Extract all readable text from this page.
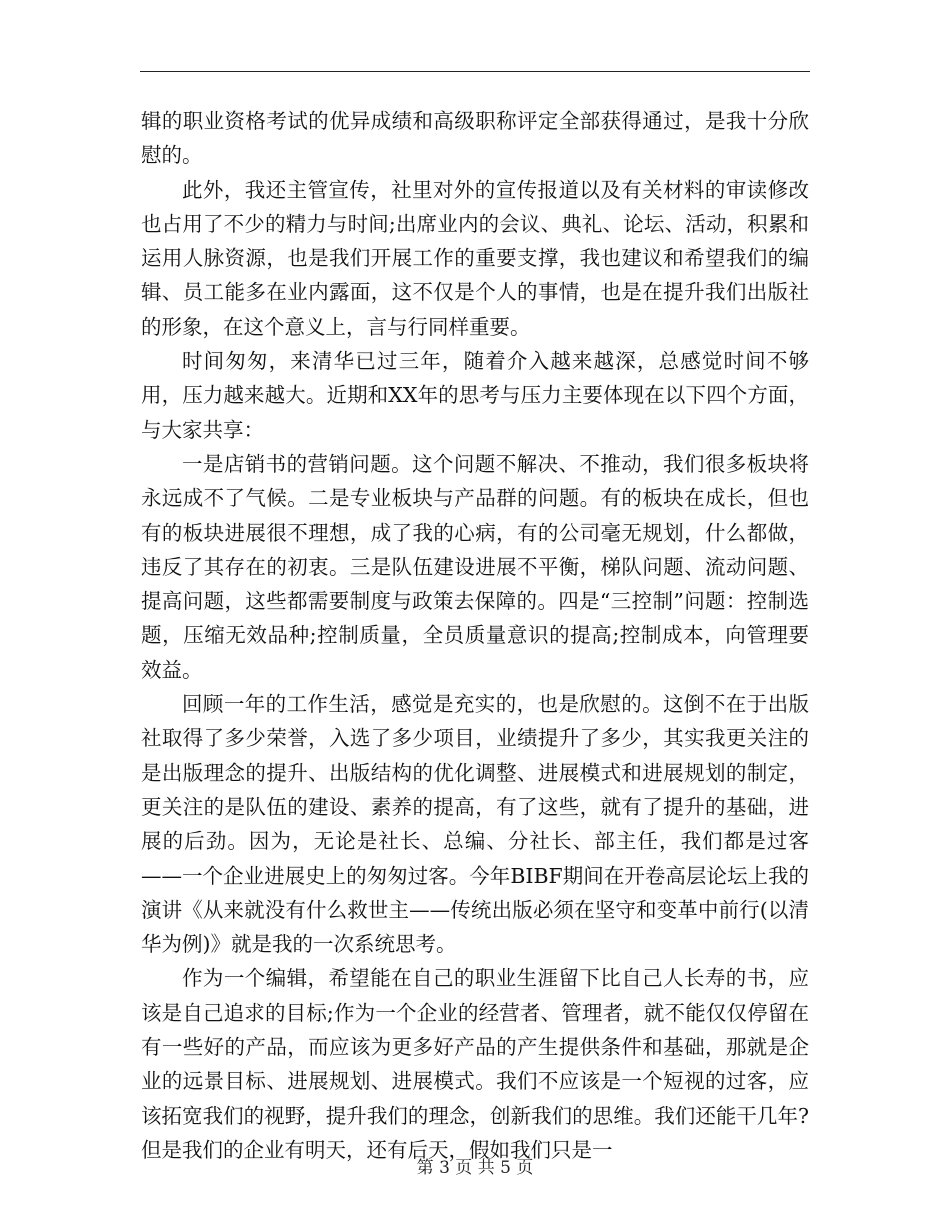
辑的职业资格考试的优异成绩和高级职称评定全部获得通过，是我十分欣慰的。

此外，我还主管宣传，社里对外的宣传报道以及有关材料的审读修改也占用了不少的精力与时间;出席业内的会议、典礼、论坛、活动，积累和运用人脉资源，也是我们开展工作的重要支撑，我也建议和希望我们的编辑、员工能多在业内露面，这不仅是个人的事情，也是在提升我们出版社的形象，在这个意义上，言与行同样重要。

时间匆匆，来清华已过三年，随着介入越来越深，总感觉时间不够用，压力越来越大。近期和XX年的思考与压力主要体现在以下四个方面，与大家共享：

一是店销书的营销问题。这个问题不解决、不推动，我们很多板块将永远成不了气候。二是专业板块与产品群的问题。有的板块在成长，但也有的板块进展很不理想，成了我的心病，有的公司毫无规划，什么都做，违反了其存在的初衷。三是队伍建设进展不平衡，梯队问题、流动问题、提高问题，这些都需要制度与政策去保障的。四是“三控制”问题：控制选题，压缩无效品种;控制质量，全员质量意识的提高;控制成本，向管理要效益。

回顾一年的工作生活，感觉是充实的，也是欣慰的。这倒不在于出版社取得了多少荣誉，入选了多少项目，业绩提升了多少，其实我更关注的是出版理念的提升、出版结构的优化调整、进展模式和进展规划的制定，更关注的是队伍的建设、素养的提高，有了这些，就有了提升的基础，进展的后劲。因为，无论是社长、总编、分社长、部主任，我们都是过客——一个企业进展史上的匆匆过客。今年BIBF期间在开卷高层论坛上我的演讲《从来就没有什么救世主——传统出版必须在坚守和变革中前行(以清华为例)》就是我的一次系统思考。

作为一个编辑，希望能在自己的职业生涯留下比自己人长寿的书，应该是自己追求的目标;作为一个企业的经营者、管理者，就不能仅仅停留在有一些好的产品，而应该为更多好产品的产生提供条件和基础，那就是企业的远景目标、进展规划、进展模式。我们不应该是一个短视的过客，应该拓宽我们的视野，提升我们的理念，创新我们的思维。我们还能干几年?但是我们的企业有明天，还有后天，假如我们只是一

第 3 页 共 5 页
